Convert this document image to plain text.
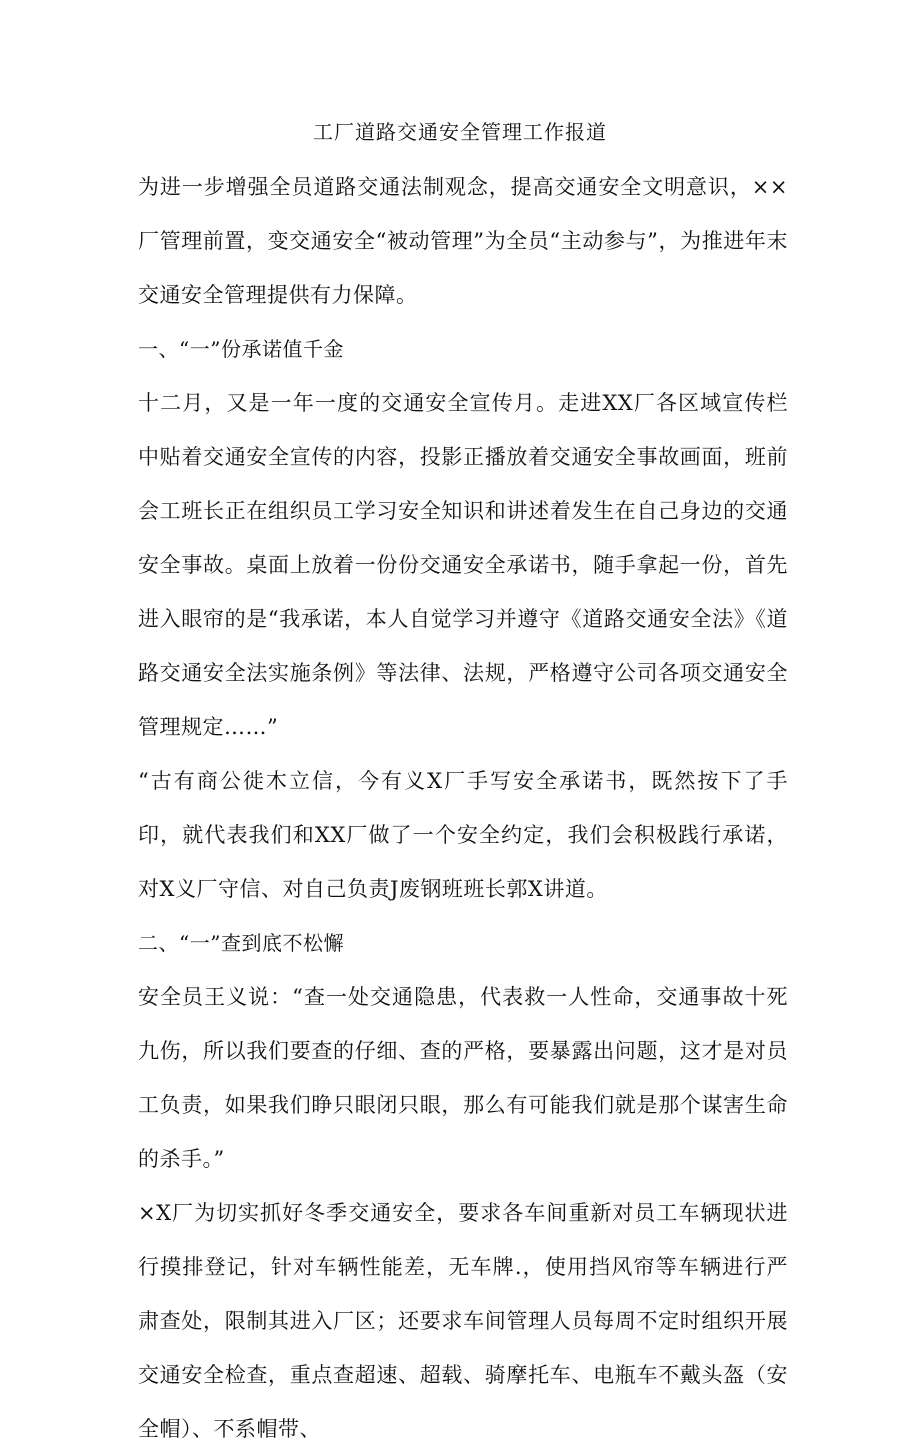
工厂道路交通安全管理工作报道

为进一步增强全员道路交通法制观念，提高交通安全文明意识，××厂管理前置，变交通安全“被动管理”为全员“主动参与”，为推进年末交通安全管理提供有力保障。

一、“一”份承诺值千金

十二月，又是一年一度的交通安全宣传月。走进XX厂各区域宣传栏中贴着交通安全宣传的内容，投影正播放着交通安全事故画面，班前会工班长正在组织员工学习安全知识和讲述着发生在自己身边的交通安全事故。桌面上放着一份份交通安全承诺书，随手拿起一份，首先进入眼帘的是“我承诺，本人自觉学习并遵守《道路交通安全法》《道路交通安全法实施条例》等法律、法规，严格遵守公司各项交通安全管理规定……”

“古有商公徙木立信，今有义X厂手写安全承诺书，既然按下了手印，就代表我们和XX厂做了一个安全约定，我们会积极践行承诺，对X义厂守信、对自己负责J废钢班班长郭X讲道。

二、“一”查到底不松懈

安全员王义说：“查一处交通隐患，代表救一人性命，交通事故十死九伤，所以我们要查的仔细、查的严格，要暴露出问题，这才是对员工负责，如果我们睁只眼闭只眼，那么有可能我们就是那个谋害生命的杀手。”

×X厂为切实抓好冬季交通安全，要求各车间重新对员工车辆现状进行摸排登记，针对车辆性能差，无车牌.，使用挡风帘等车辆进行严肃查处，限制其进入厂区；还要求车间管理人员每周不定时组织开展交通安全检查，重点查超速、超载、骑摩托车、电瓶车不戴头盔（安全帽）、不系帽带、
